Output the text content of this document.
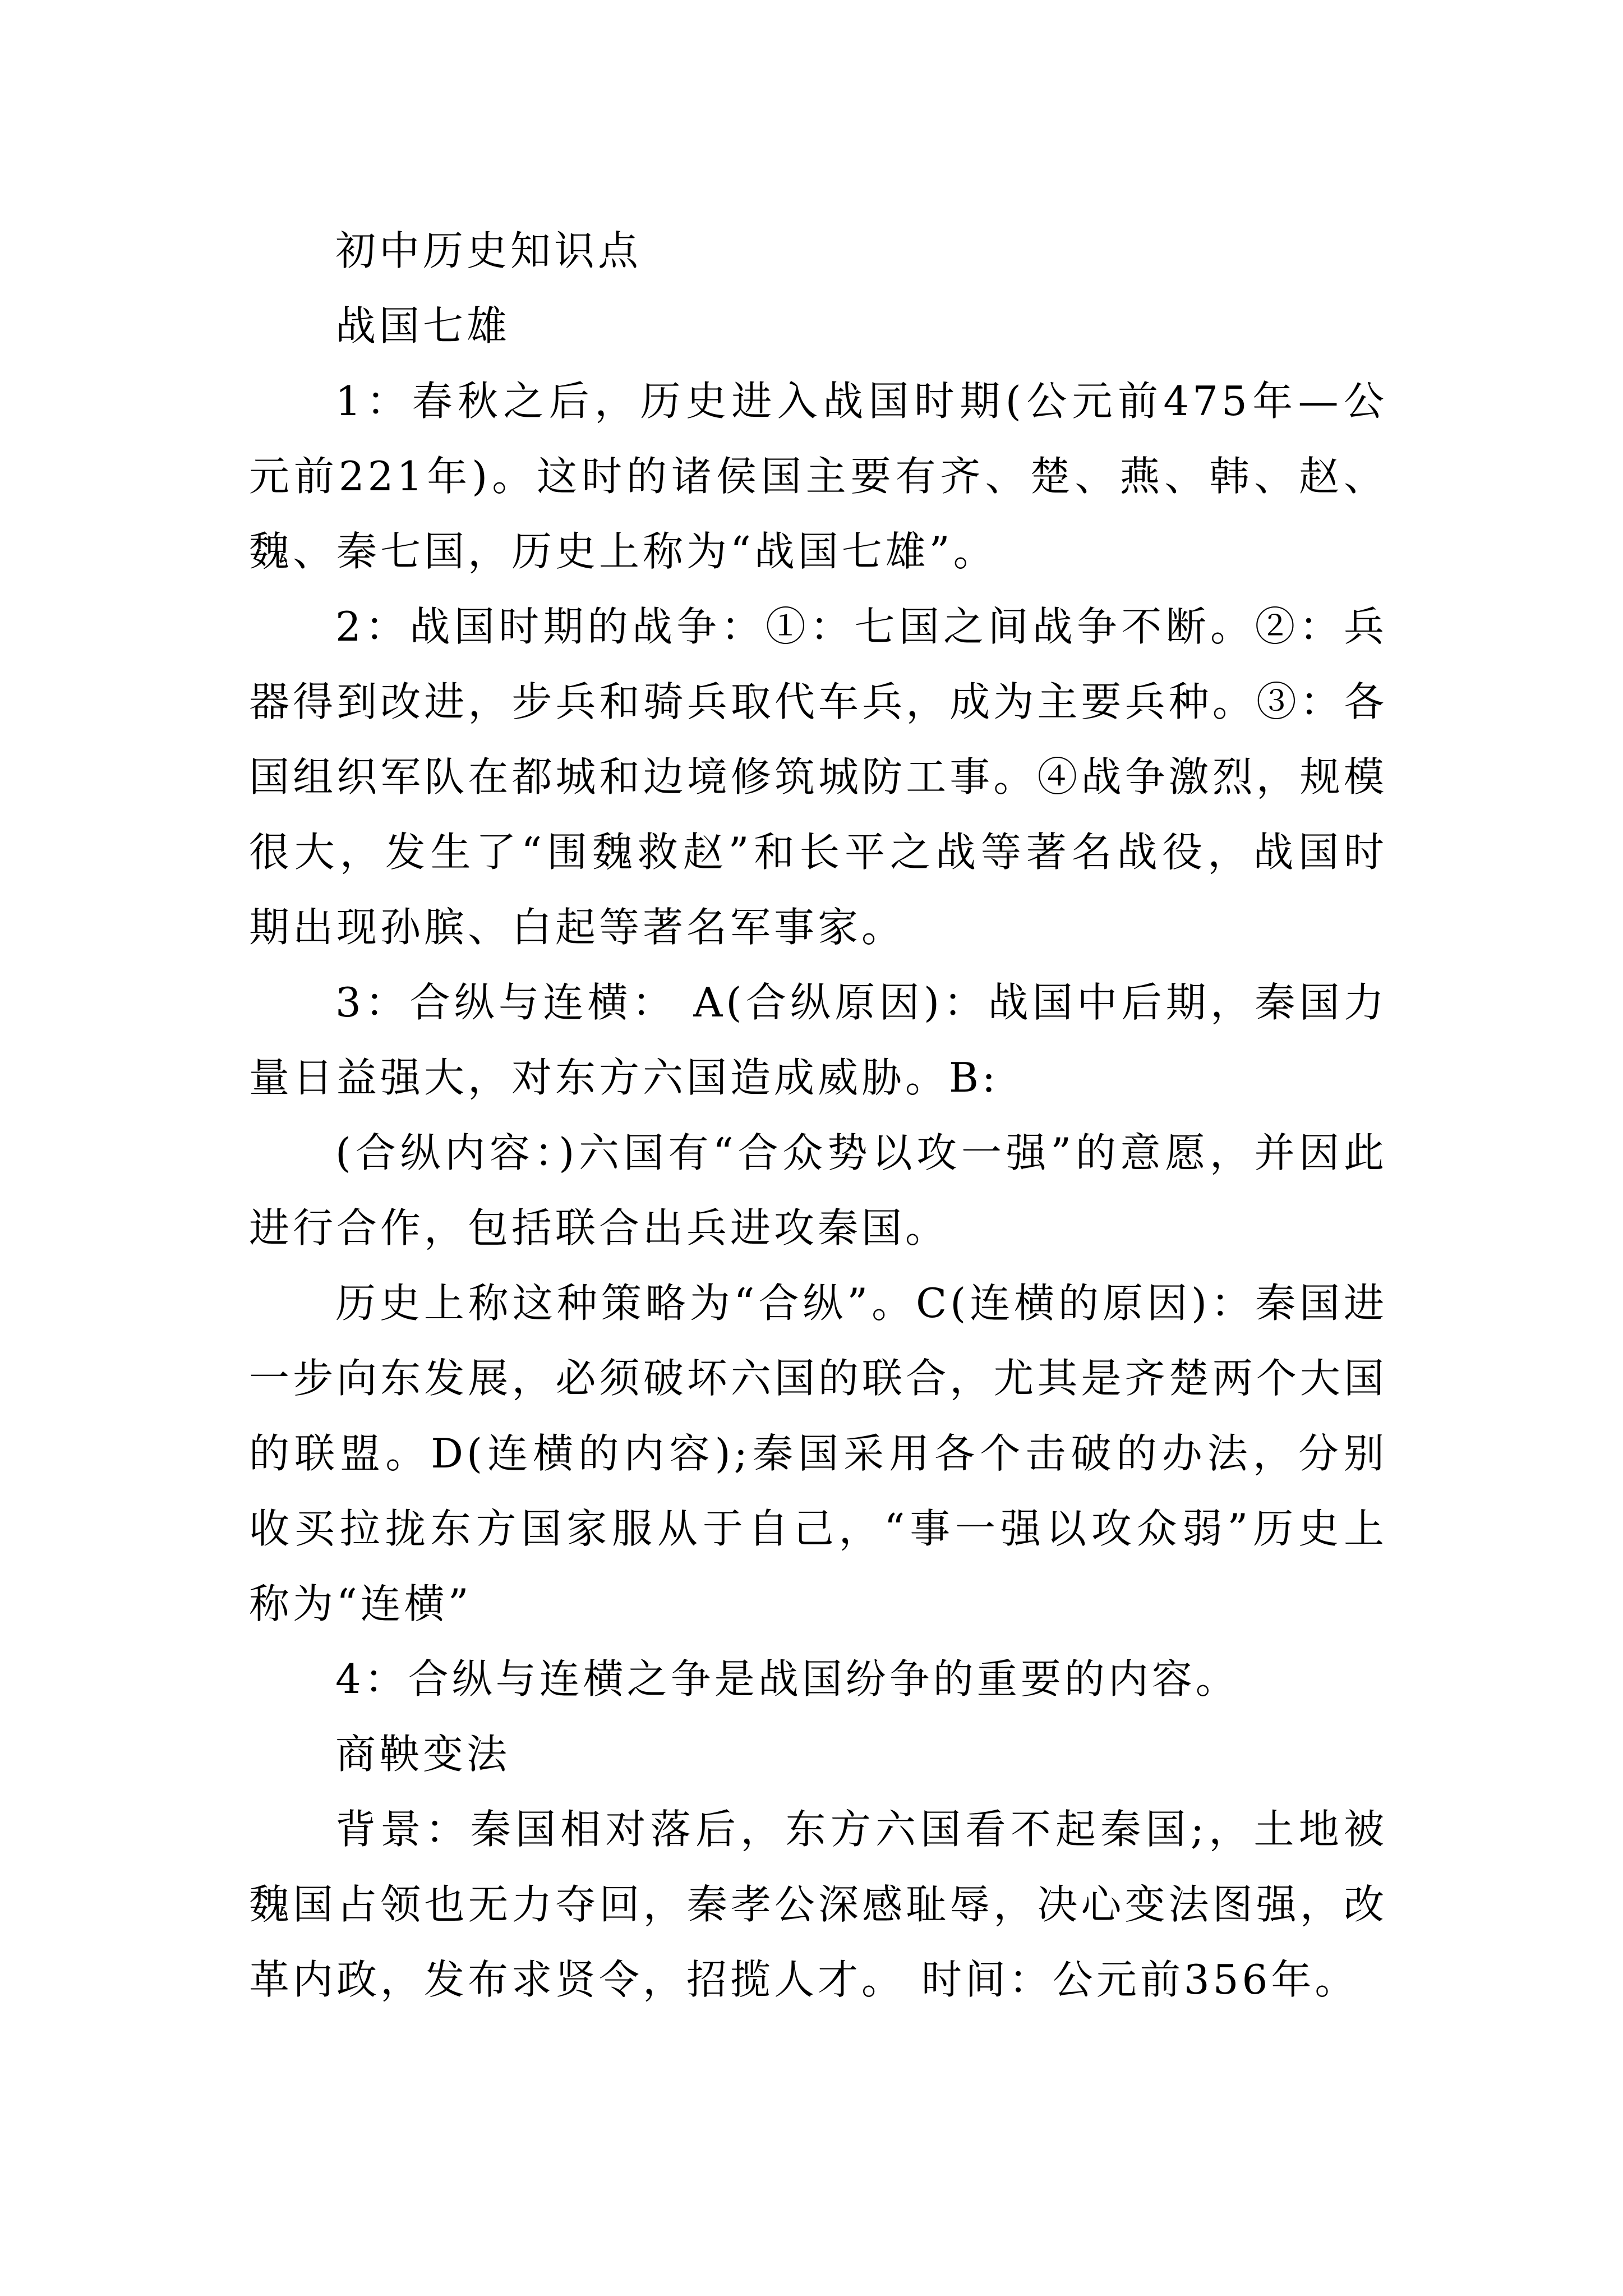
初中历史知识点

战国七雄

1：春秋之后，历史进入战国时期(公元前475年—公元前221年)。这时的诸侯国主要有齐、楚、燕、韩、赵、魏、秦七国，历史上称为“战国七雄”。

2：战国时期的战争：①：七国之间战争不断。②：兵器得到改进，步兵和骑兵取代车兵，成为主要兵种。③：各国组织军队在都城和边境修筑城防工事。④战争激烈，规模很大，发生了“围魏救赵”和长平之战等著名战役，战国时期出现孙膑、白起等著名军事家。

3：合纵与连横： A(合纵原因)：战国中后期，秦国力量日益强大，对东方六国造成威胁。B:

(合纵内容：)六国有“合众势以攻一强”的意愿，并因此进行合作，包括联合出兵进攻秦国。

历史上称这种策略为“合纵”。C(连横的原因)：秦国进一步向东发展，必须破坏六国的联合，尤其是齐楚两个大国的联盟。D(连横的内容);秦国采用各个击破的办法，分别收买拉拢东方国家服从于自己，“事一强以攻众弱”历史上称为“连横”

4：合纵与连横之争是战国纷争的重要的内容。

商鞅变法

背景：秦国相对落后，东方六国看不起秦国;，土地被魏国占领也无力夺回，秦孝公深感耻辱，决心变法图强，改革内政，发布求贤令，招揽人才。 时间：公元前356年。
